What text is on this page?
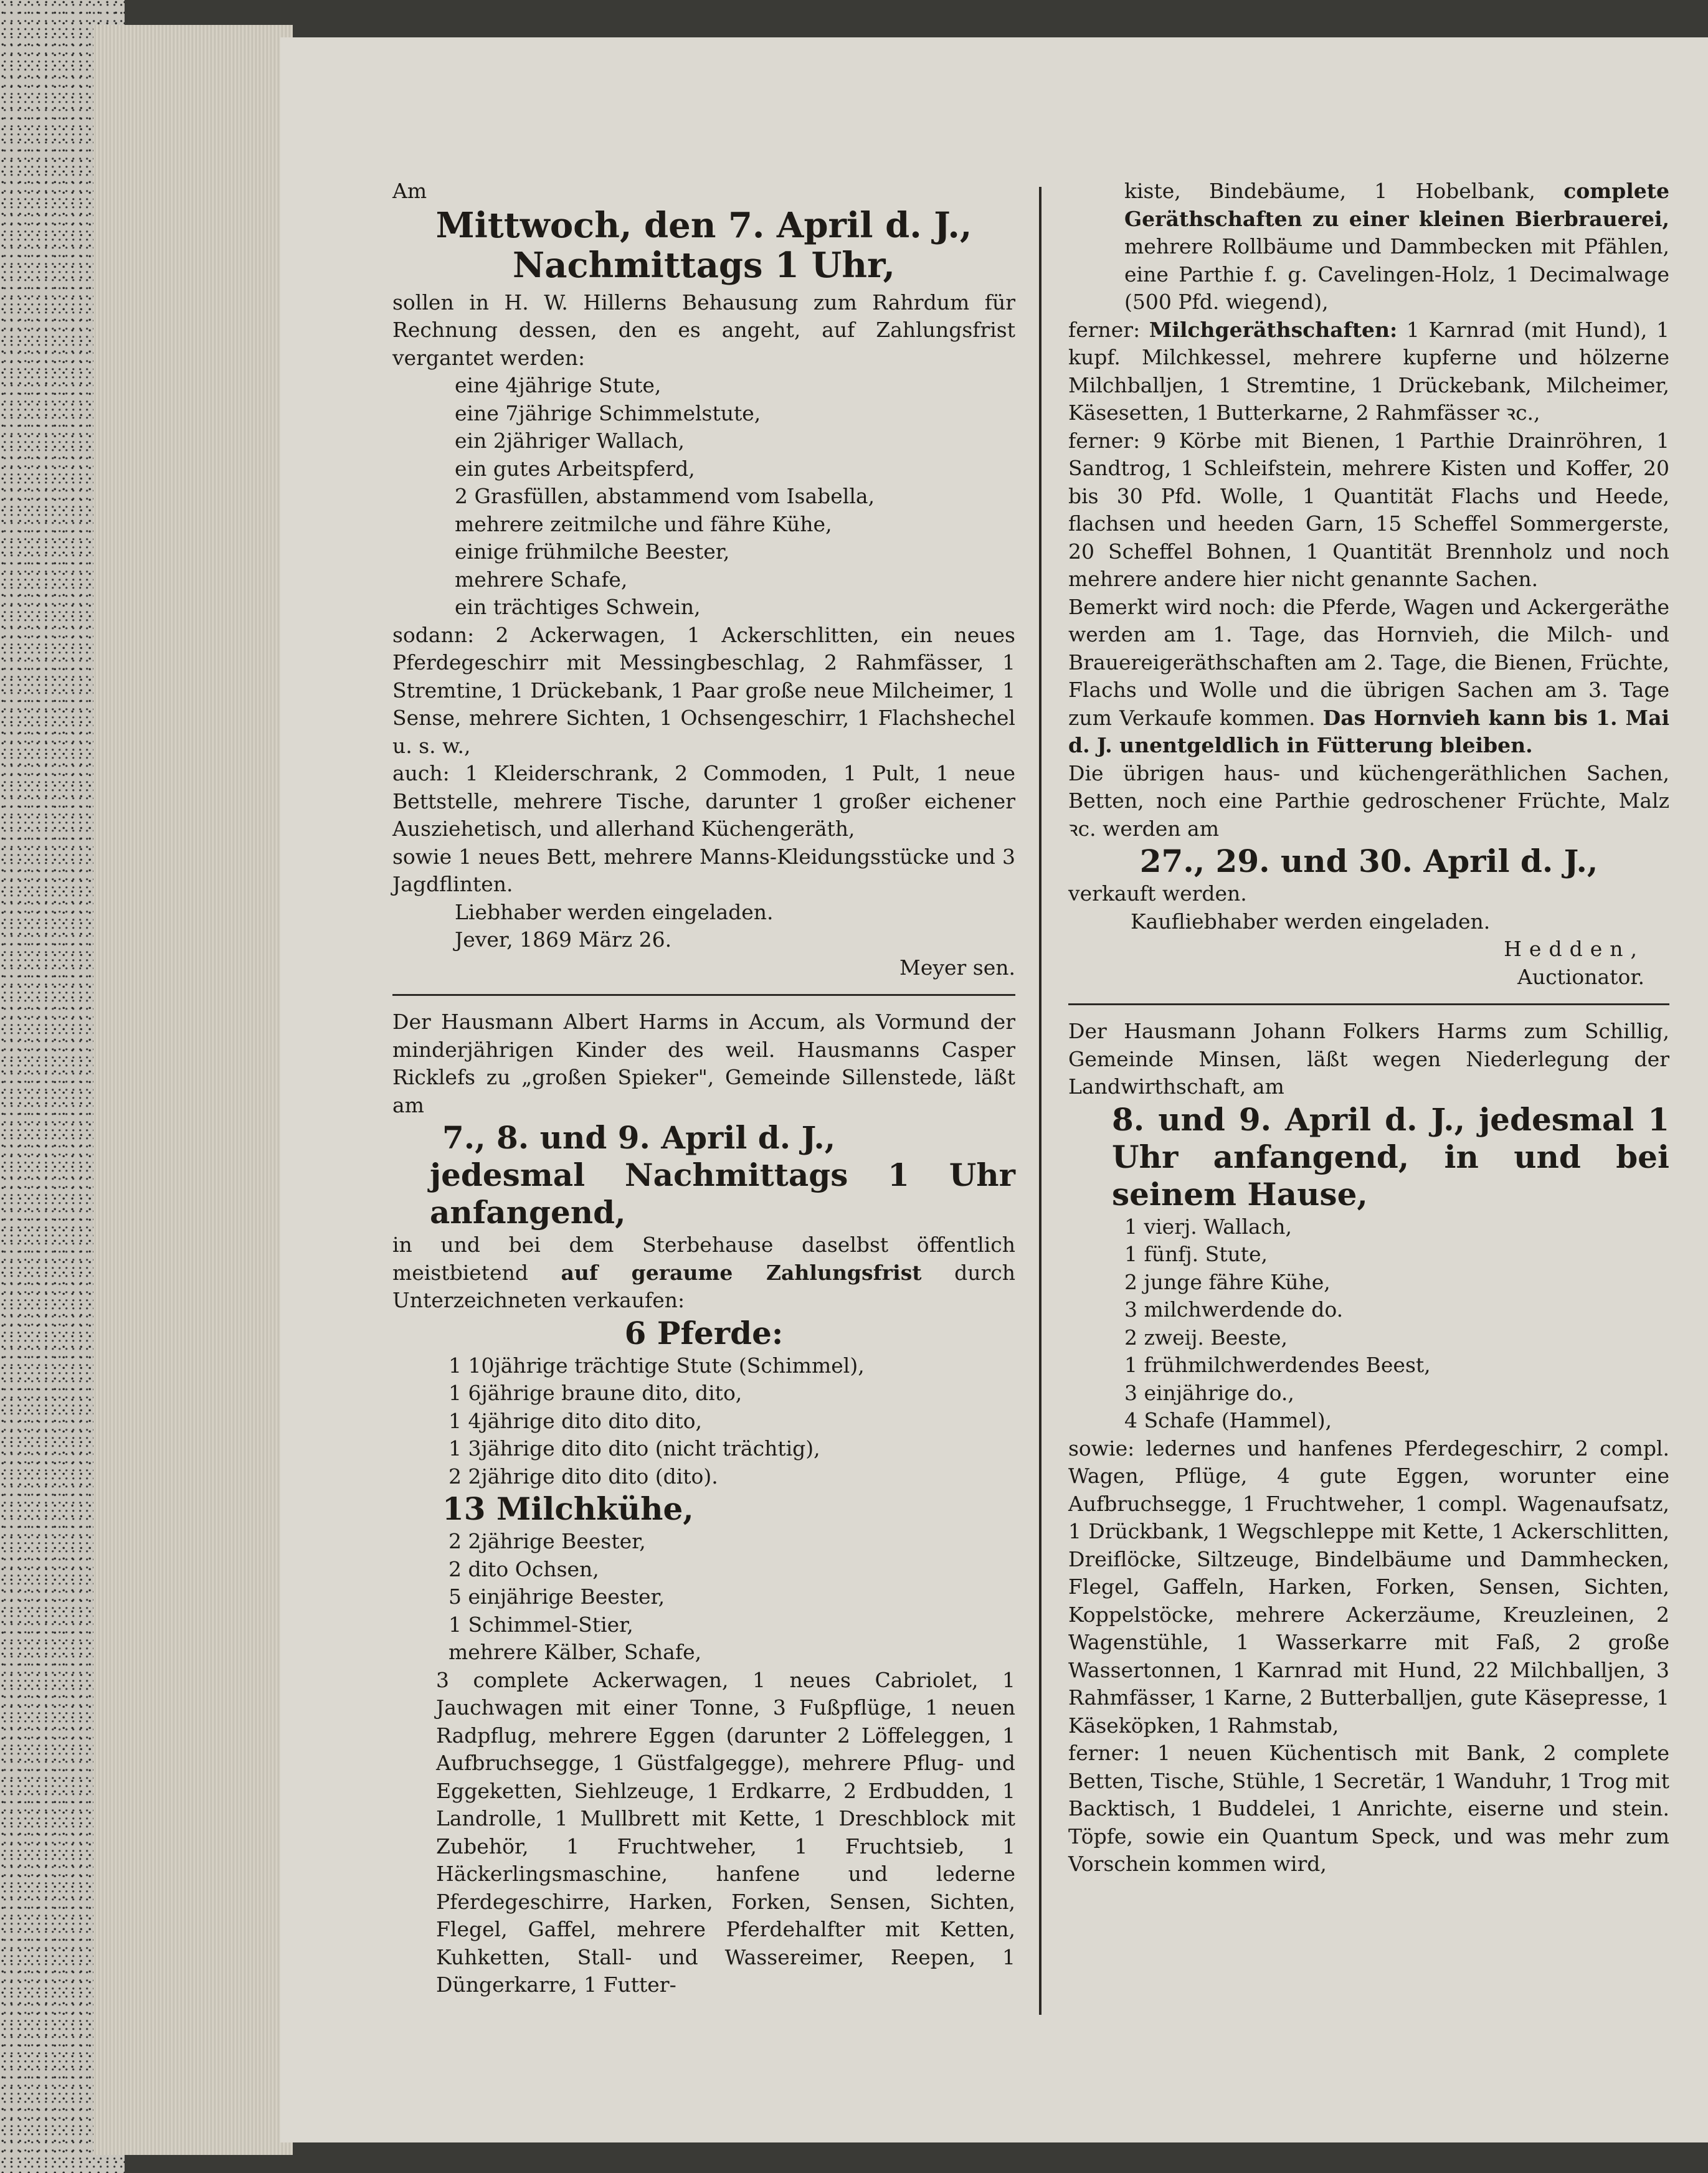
Am

Mittwoch, den 7. April d. J.,

Nachmittags 1 Uhr,

sollen in H. W. Hillerns Behausung zum Rahrdum für Rechnung dessen, den es angeht, auf Zahlungsfrist vergantet werden:

eine 4jährige Stute,

eine 7jährige Schimmelstute,

ein 2jähriger Wallach,

ein gutes Arbeitspferd,

2 Grasfüllen, abstammend vom Isabella,

mehrere zeitmilche und fähre Kühe,

einige frühmilche Beester,

mehrere Schafe,

ein trächtiges Schwein,

sodann: 2 Ackerwagen, 1 Ackerschlitten, ein neues Pferdegeschirr mit Messingbeschlag, 2 Rahmfässer, 1 Stremtine, 1 Drückebank, 1 Paar große neue Milcheimer, 1 Sense, mehrere Sichten, 1 Ochsengeschirr, 1 Flachshechel u. s. w.,

auch: 1 Kleiderschrank, 2 Commoden, 1 Pult, 1 neue Bettstelle, mehrere Tische, darunter 1 großer eichener Ausziehetisch, und allerhand Küchengeräth,

sowie 1 neues Bett, mehrere Manns-Kleidungsstücke und 3 Jagdflinten.

Liebhaber werden eingeladen.

Jever, 1869 März 26.

Meyer sen.

Der Hausmann Albert Harms in Accum, als Vormund der minderjährigen Kinder des weil. Hausmanns Casper Ricklefs zu „großen Spieker", Gemeinde Sillenstede, läßt am

7., 8. und 9. April d. J.,

jedesmal Nachmittags 1 Uhr anfangend,

in und bei dem Sterbehause daselbst öffentlich meistbietend auf geraume Zahlungsfrist durch Unterzeichneten verkaufen:

6 Pferde:

1 10jährige trächtige Stute (Schimmel),

1 6jährige braune dito, dito,

1 4jährige dito dito dito,

1 3jährige dito dito (nicht trächtig),

2 2jährige dito dito (dito).

13 Milchkühe,

2 2jährige Beester,

2 dito Ochsen,

5 einjährige Beester,

1 Schimmel-Stier,

mehrere Kälber, Schafe,

3 complete Ackerwagen, 1 neues Cabriolet, 1 Jauchwagen mit einer Tonne, 3 Fußpflüge, 1 neuen Radpflug, mehrere Eggen (darunter 2 Löffeleggen, 1 Aufbruchsegge, 1 Güstfalgegge), mehrere Pflug- und Eggeketten, Siehlzeuge, 1 Erdkarre, 2 Erdbudden, 1 Landrolle, 1 Mullbrett mit Kette, 1 Dreschblock mit Zubehör, 1 Fruchtweher, 1 Fruchtsieb, 1 Häckerlingsmaschine, hanfene und lederne Pferdegeschirre, Harken, Forken, Sensen, Sichten, Flegel, Gaffel, mehrere Pferdehalfter mit Ketten, Kuhketten, Stall- und Wassereimer, Reepen, 1 Düngerkarre, 1 Futter-

kiste, Bindebäume, 1 Hobelbank, complete Geräthschaften zu einer kleinen Bierbrauerei, mehrere Rollbäume und Dammbecken mit Pfählen, eine Parthie f. g. Cavelingen-Holz, 1 Decimalwage (500 Pfd. wiegend),

ferner: Milchgeräthschaften: 1 Karnrad (mit Hund), 1 kupf. Milchkessel, mehrere kupferne und hölzerne Milchballjen, 1 Stremtine, 1 Drückebank, Milcheimer, Käsesetten, 1 Butterkarne, 2 Rahmfässer ꝛc.,

ferner: 9 Körbe mit Bienen, 1 Parthie Drainröhren, 1 Sandtrog, 1 Schleifstein, mehrere Kisten und Koffer, 20 bis 30 Pfd. Wolle, 1 Quantität Flachs und Heede, flachsen und heeden Garn, 15 Scheffel Sommergerste, 20 Scheffel Bohnen, 1 Quantität Brennholz und noch mehrere andere hier nicht genannte Sachen.

Bemerkt wird noch: die Pferde, Wagen und Ackergeräthe werden am 1. Tage, das Hornvieh, die Milch- und Brauereigeräthschaften am 2. Tage, die Bienen, Früchte, Flachs und Wolle und die übrigen Sachen am 3. Tage zum Verkaufe kommen. Das Hornvieh kann bis 1. Mai d. J. unentgeldlich in Fütterung bleiben.

Die übrigen haus- und küchengeräthlichen Sachen, Betten, noch eine Parthie gedroschener Früchte, Malz ꝛc. werden am

27., 29. und 30. April d. J.,

verkauft werden.

Kaufliebhaber werden eingeladen.

Hedden,

Auctionator.

Der Hausmann Johann Folkers Harms zum Schillig, Gemeinde Minsen, läßt wegen Niederlegung der Landwirthschaft, am

8. und 9. April d. J., jedesmal 1 Uhr anfangend, in und bei seinem Hause,

1 vierj. Wallach,

1 fünfj. Stute,

2 junge fähre Kühe,

3 milchwerdende do.

2 zweij. Beeste,

1 frühmilchwerdendes Beest,

3 einjährige do.,

4 Schafe (Hammel),

sowie: ledernes und hanfenes Pferdegeschirr, 2 compl. Wagen, Pflüge, 4 gute Eggen, worunter eine Aufbruchsegge, 1 Fruchtweher, 1 compl. Wagenaufsatz, 1 Drückbank, 1 Wegschleppe mit Kette, 1 Ackerschlitten, Dreiflöcke, Siltzeuge, Bindelbäume und Dammhecken, Flegel, Gaffeln, Harken, Forken, Sensen, Sichten, Koppelstöcke, mehrere Ackerzäume, Kreuzleinen, 2 Wagenstühle, 1 Wasserkarre mit Faß, 2 große Wassertonnen, 1 Karnrad mit Hund, 22 Milchballjen, 3 Rahmfässer, 1 Karne, 2 Butterballjen, gute Käsepresse, 1 Käseköpken, 1 Rahmstab,

ferner: 1 neuen Küchentisch mit Bank, 2 complete Betten, Tische, Stühle, 1 Secretär, 1 Wanduhr, 1 Trog mit Backtisch, 1 Buddelei, 1 Anrichte, eiserne und stein. Töpfe, sowie ein Quantum Speck, und was mehr zum Vorschein kommen wird,
